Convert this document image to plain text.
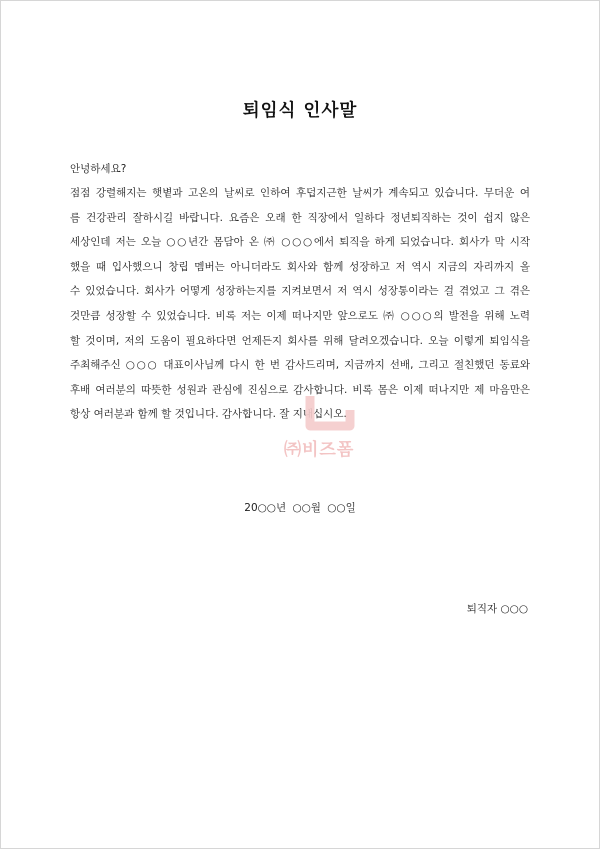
퇴임식 인사말

안녕하세요?

점점 강렬해지는 햇볕과 고온의 날씨로 인하여 후덥지근한 날씨가 계속되고 있습니다. 무더운 여
름 건강관리 잘하시길 바랍니다. 요즘은 오래 한 직장에서 일하다 정년퇴직하는 것이 쉽지 않은
세상인데 저는 오늘 ○○년간 몸담아 온 ㈜ ○○○에서 퇴직을 하게 되었습니다. 회사가 막 시작
했을 때 입사했으니 창립 멤버는 아니더라도 회사와 함께 성장하고 저 역시 지금의 자리까지 올
수 있었습니다. 회사가 어떻게 성장하는지를 지켜보면서 저 역시 성장통이라는 걸 겪었고 그 겪은
것만큼 성장할 수 있었습니다. 비록 저는 이제 떠나지만 앞으로도 ㈜ ○○○의 발전을 위해 노력
할 것이며, 저의 도움이 필요하다면 언제든지 회사를 위해 달려오겠습니다. 오늘 이렇게 퇴임식을
주최해주신 ○○○ 대표이사님께 다시 한 번 감사드리며, 지금까지 선배, 그리고 절친했던 동료와
후배 여러분의 따뜻한 성원과 관심에 진심으로 감사합니다. 비록 몸은 이제 떠나지만 제 마음만은
항상 여러분과 함께 할 것입니다. 감사합니다. 잘 지내십시오.
㈜비즈폼

20○○년 ○○월 ○○일

퇴직자 ○○○
